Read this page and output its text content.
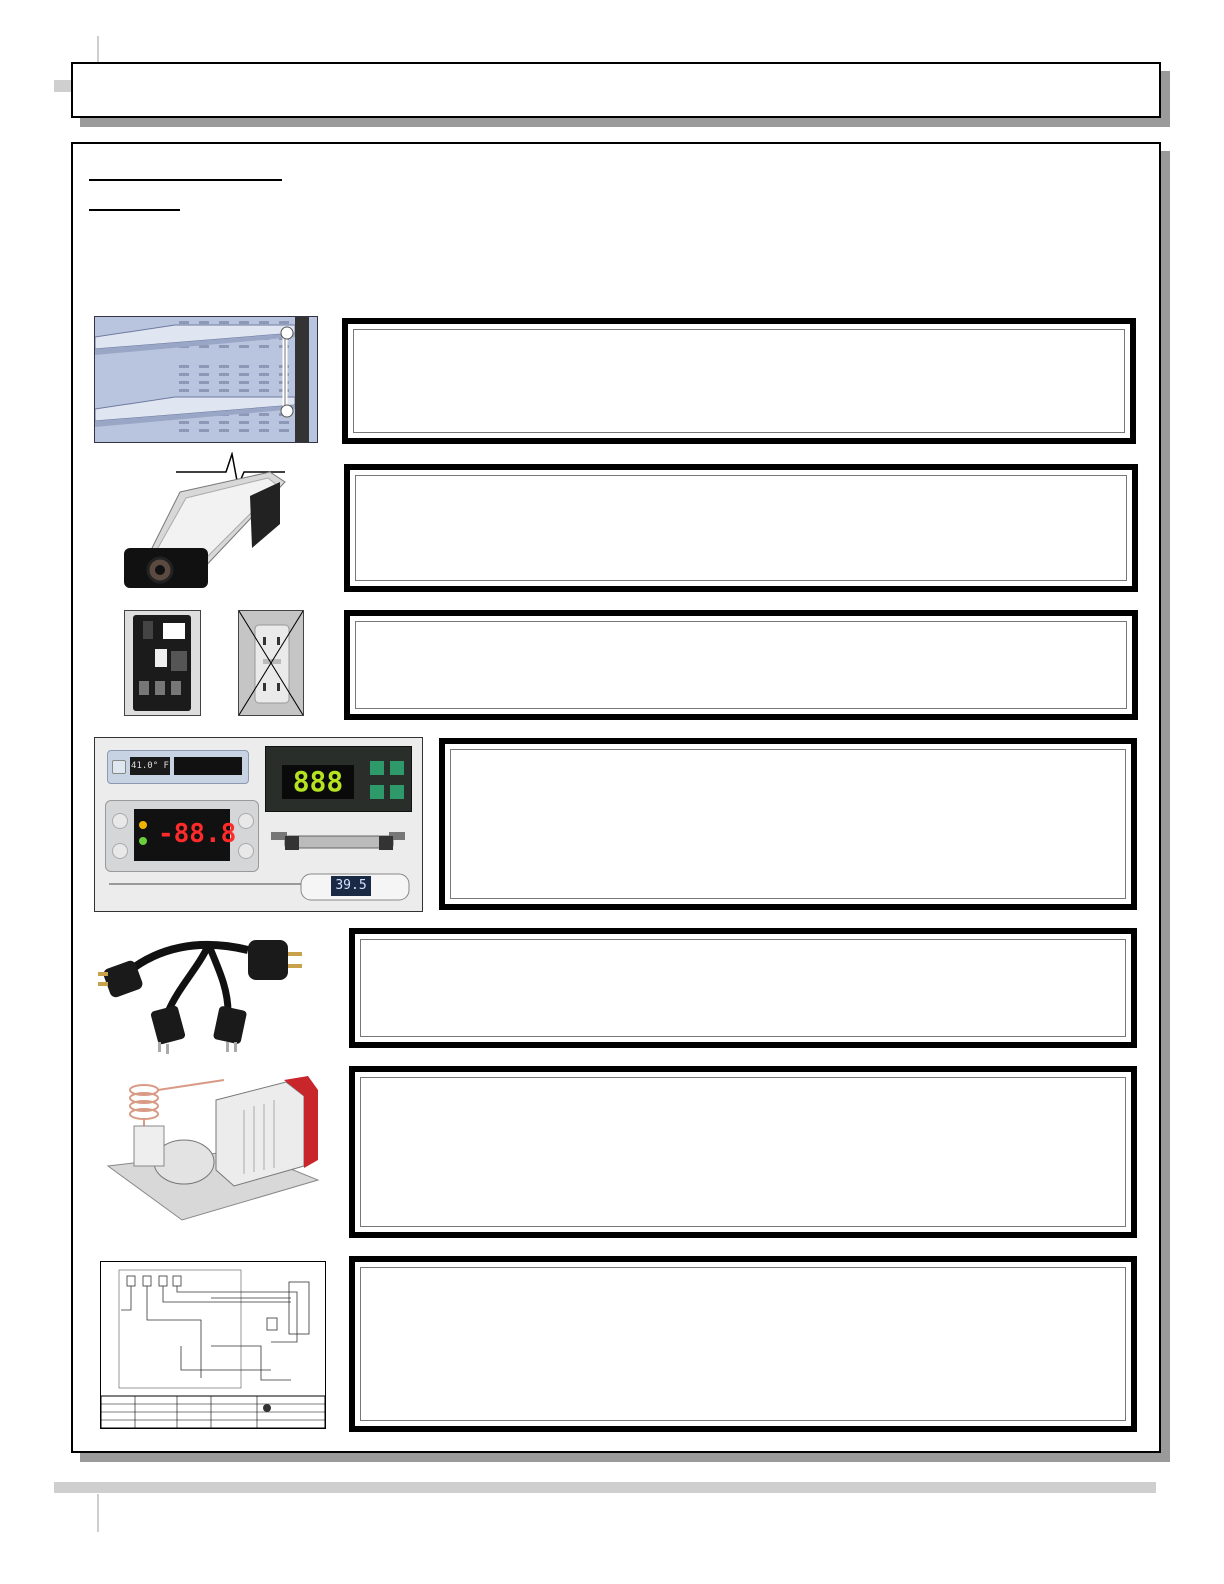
41.0° F	888
-88.8
39.5
